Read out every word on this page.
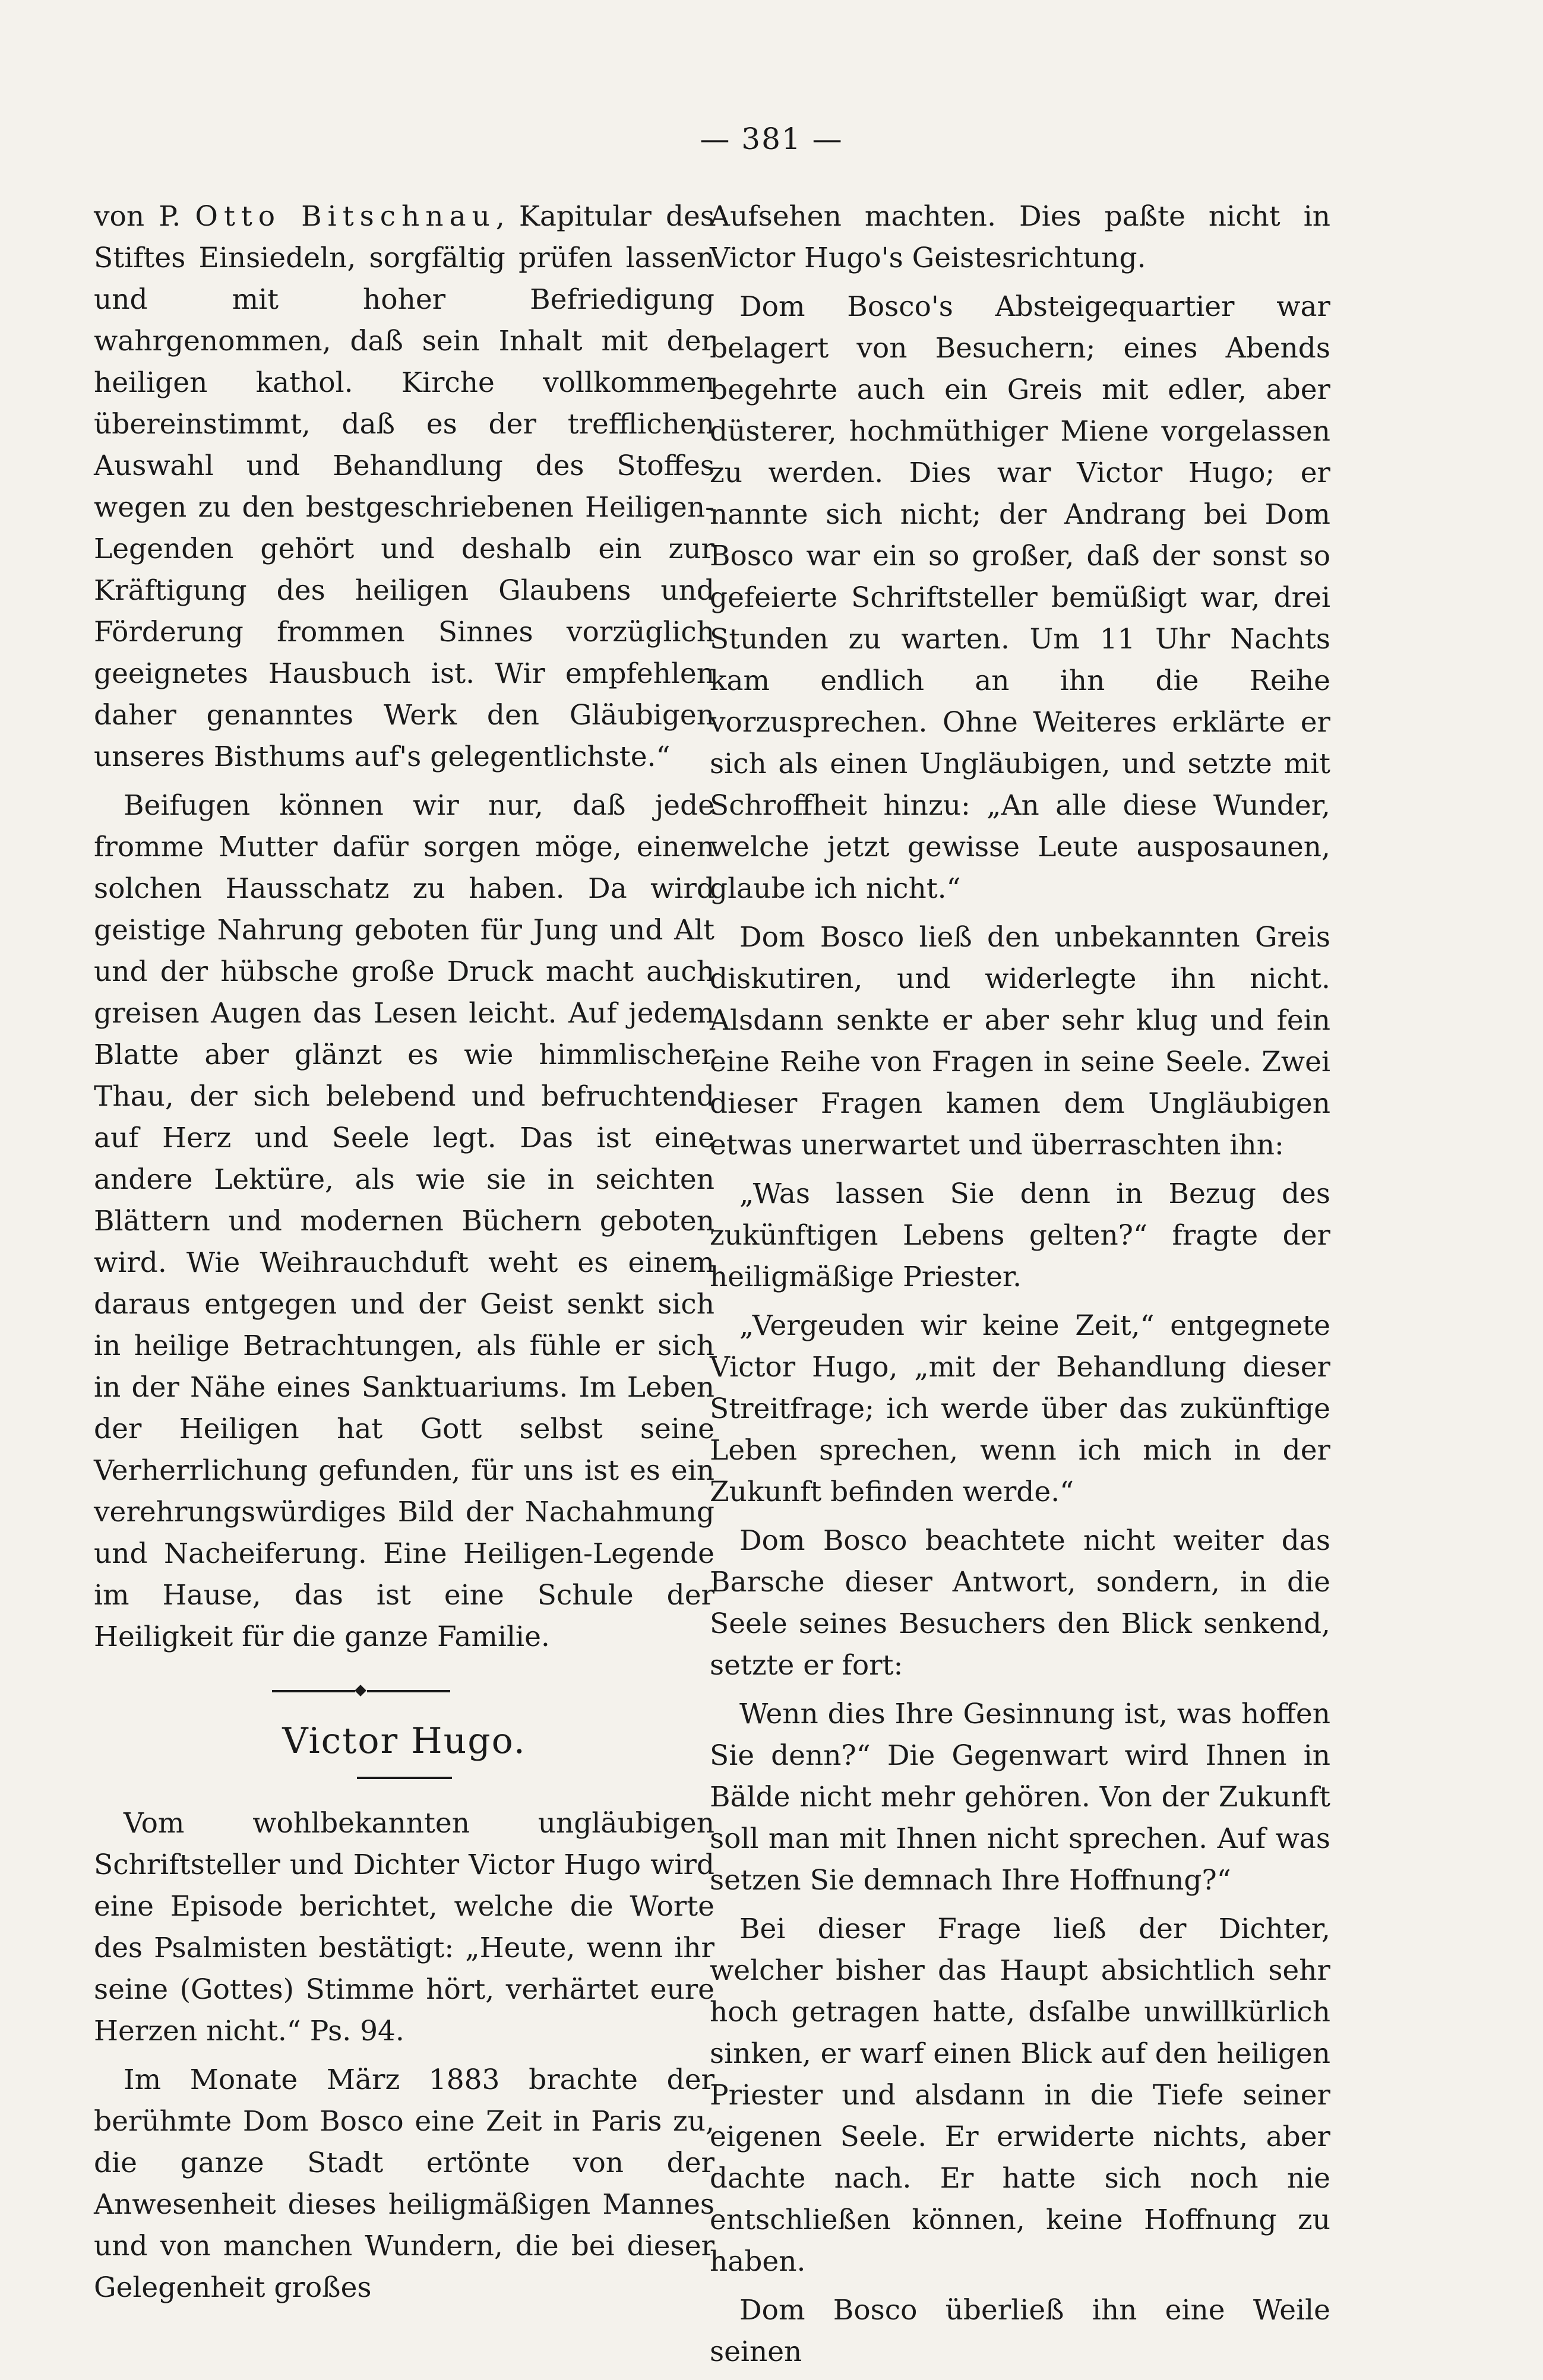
— 381 —

von P. Otto Bitschnau, Kapitular des Stiftes Einsiedeln, sorgfältig prüfen lassen und mit hoher Befriedigung wahrgenommen, daß sein Inhalt mit der heiligen kathol. Kirche vollkommen übereinstimmt, daß es der trefflichen Auswahl und Behandlung des Stoffes wegen zu den bestgeschriebenen Heiligen-Legenden gehört und deshalb ein zur Kräftigung des heiligen Glaubens und Förderung frommen Sinnes vorzüglich geeignetes Hausbuch ist. Wir empfehlen daher genanntes Werk den Gläubigen unseres Bisthums auf's gelegentlichste.“

Beifugen können wir nur, daß jede fromme Mutter dafür sorgen möge, einen solchen Hausschatz zu haben. Da wird geistige Nahrung geboten für Jung und Alt und der hübsche große Druck macht auch greisen Augen das Lesen leicht. Auf jedem Blatte aber glänzt es wie himmlischer Thau, der sich belebend und befruchtend auf Herz und Seele legt. Das ist eine andere Lektüre, als wie sie in seichten Blättern und modernen Büchern geboten wird. Wie Weihrauchduft weht es einem daraus entgegen und der Geist senkt sich in heilige Betrachtungen, als fühle er sich in der Nähe eines Sanktuariums. Im Leben der Heiligen hat Gott selbst seine Verherrlichung gefunden, für uns ist es ein verehrungswürdiges Bild der Nachahmung und Nacheiferung. Eine Heiligen-Legende im Hause, das ist eine Schule der Heiligkeit für die ganze Familie.

Victor Hugo.

Vom wohlbekannten ungläubigen Schriftsteller und Dichter Victor Hugo wird eine Episode berichtet, welche die Worte des Psalmisten bestätigt: „Heute, wenn ihr seine (Gottes) Stimme hört, verhärtet eure Herzen nicht.“ Ps. 94.

Im Monate März 1883 brachte der berühmte Dom Bosco eine Zeit in Paris zu, die ganze Stadt ertönte von der Anwesenheit dieses heiligmäßigen Mannes und von manchen Wundern, die bei dieser Gelegenheit großes

Aufsehen machten. Dies paßte nicht in Victor Hugo's Geistesrichtung.

Dom Bosco's Absteigequartier war belagert von Besuchern; eines Abends begehrte auch ein Greis mit edler, aber düsterer, hochmüthiger Miene vorgelassen zu werden. Dies war Victor Hugo; er nannte sich nicht; der Andrang bei Dom Bosco war ein so großer, daß der sonst so gefeierte Schriftsteller bemüßigt war, drei Stunden zu warten. Um 11 Uhr Nachts kam endlich an ihn die Reihe vorzusprechen. Ohne Weiteres erklärte er sich als einen Ungläubigen, und setzte mit Schroffheit hinzu: „An alle diese Wunder, welche jetzt gewisse Leute ausposaunen, glaube ich nicht.“

Dom Bosco ließ den unbekannten Greis diskutiren, und widerlegte ihn nicht. Alsdann senkte er aber sehr klug und fein eine Reihe von Fragen in seine Seele. Zwei dieser Fragen kamen dem Ungläubigen etwas unerwartet und überraschten ihn:

„Was lassen Sie denn in Bezug des zukünftigen Lebens gelten?“ fragte der heiligmäßige Priester.

„Vergeuden wir keine Zeit,“ entgegnete Victor Hugo, „mit der Behandlung dieser Streitfrage; ich werde über das zukünftige Leben sprechen, wenn ich mich in der Zukunft befinden werde.“

Dom Bosco beachtete nicht weiter das Barsche dieser Antwort, sondern, in die Seele seines Besuchers den Blick senkend, setzte er fort:

Wenn dies Ihre Gesinnung ist, was hoffen Sie denn?“ Die Gegenwart wird Ihnen in Bälde nicht mehr gehören. Von der Zukunft soll man mit Ihnen nicht sprechen. Auf was setzen Sie demnach Ihre Hoffnung?“

Bei dieser Frage ließ der Dichter, welcher bisher das Haupt absichtlich sehr hoch getragen hatte, dsſalbe unwillkürlich sinken, er warf einen Blick auf den heiligen Priester und alsdann in die Tiefe seiner eigenen Seele. Er erwiderte nichts, aber dachte nach. Er hatte sich noch nie entschließen können, keine Hoffnung zu haben.

Dom Bosco überließ ihn eine Weile seinen
